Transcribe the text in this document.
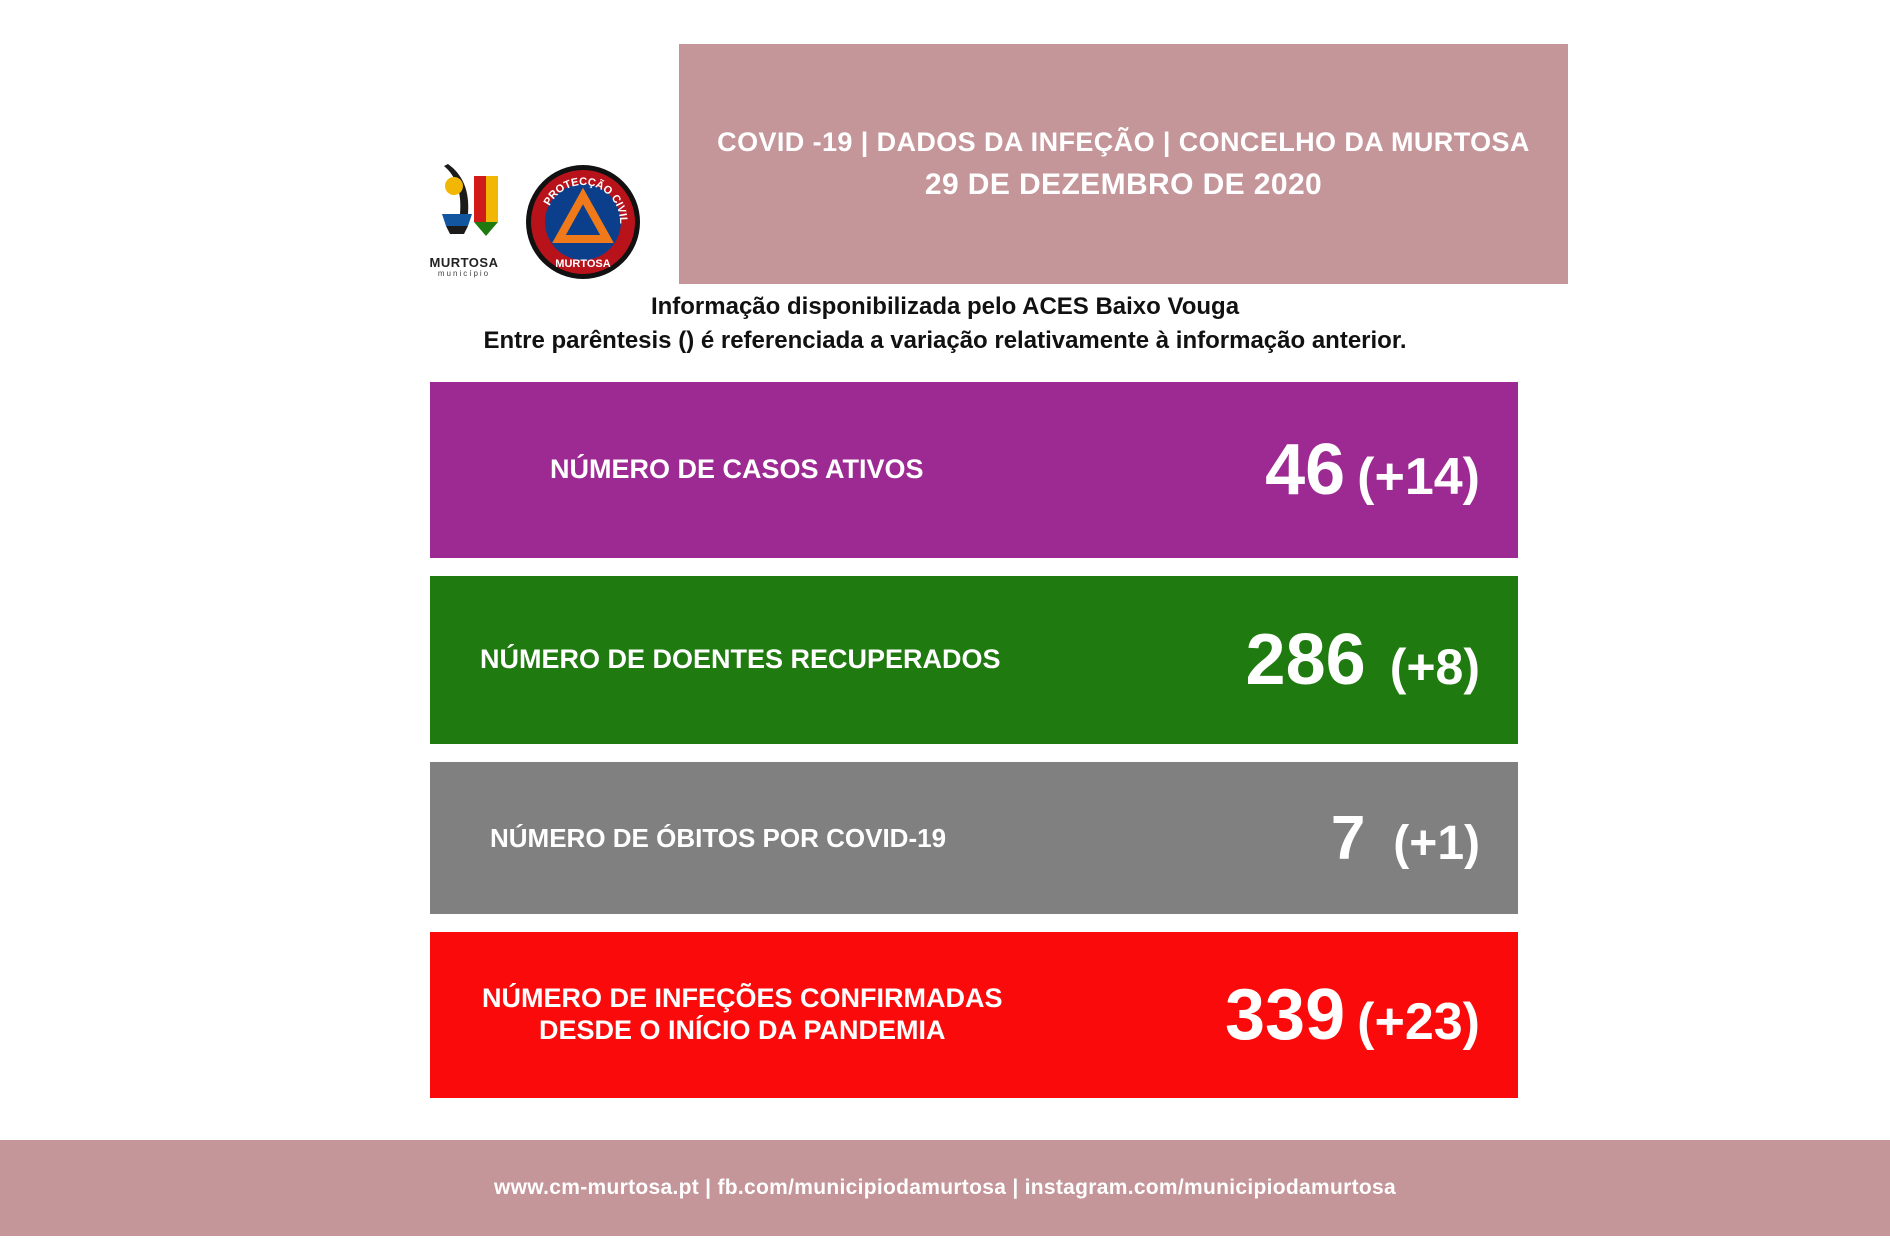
MURTOSA
município
PROTECÇÃO CIVIL
MURTOSA
COVID -19 | DADOS DA INFEÇÃO | CONCELHO DA MURTOSA
29 DE DEZEMBRO DE 2020
Informação disponibilizada pelo ACES Baixo Vouga
Entre parêntesis () é referenciada a variação relativamente à informação anterior.
NÚMERO DE CASOS ATIVOS	46 (+14)
NÚMERO DE DOENTES RECUPERADOS	286 (+8)
NÚMERO DE ÓBITOS POR COVID-19	7 (+1)
NÚMERO DE INFEÇÕES CONFIRMADAS
DESDE O INÍCIO DA PANDEMIA	339 (+23)
www.cm-murtosa.pt | fb.com/municipiodamurtosa | instagram.com/municipiodamurtosa
